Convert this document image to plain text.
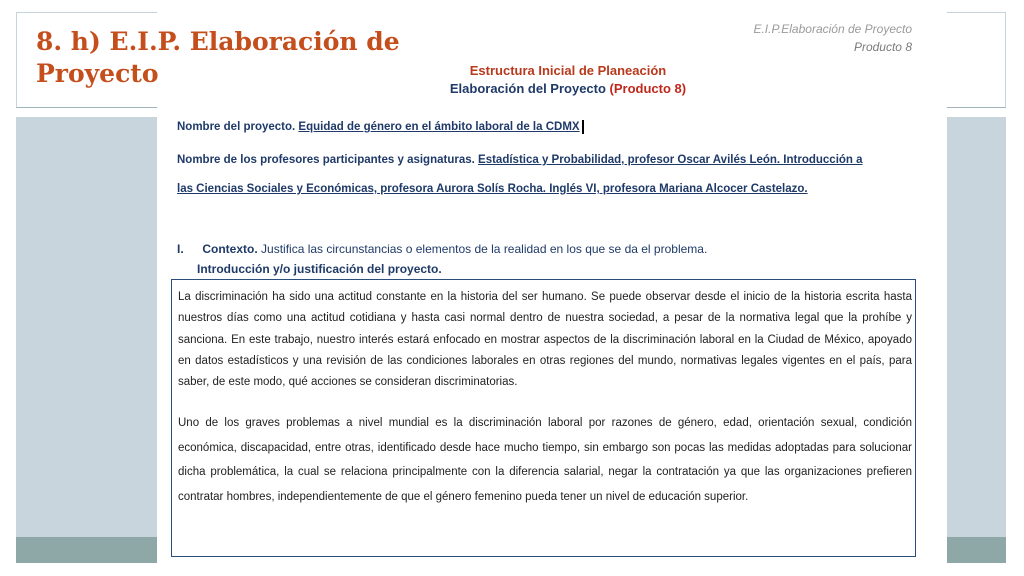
8. h) E.I.P. Elaboración de Proyecto
E.I.P.Elaboración de Proyecto
Producto 8
Estructura Inicial de Planeación
Elaboración del Proyecto (Producto 8)
Nombre del proyecto. Equidad de género en el ámbito laboral de la CDMX
Nombre de los profesores participantes y asignaturas. Estadística y Probabilidad, profesor Oscar Avilés León. Introducción a
las Ciencias Sociales y Económicas, profesora Aurora Solís Rocha. Inglés VI, profesora Mariana Alcocer Castelazo.
I. Contexto. Justifica las circunstancias o elementos de la realidad en los que se da el problema.
Introducción y/o justificación del proyecto.

La discriminación ha sido una actitud constante en la historia del ser humano. Se puede observar desde el inicio de la historia escrita hasta nuestros días como una actitud cotidiana y hasta casi normal dentro de nuestra sociedad, a pesar de la normativa legal que la prohíbe y sanciona. En este trabajo, nuestro interés estará enfocado en mostrar aspectos de la discriminación laboral en la Ciudad de México, apoyado en datos estadísticos y una revisión de las condiciones laborales en otras regiones del mundo, normativas legales vigentes en el país, para saber, de este modo, qué acciones se consideran discriminatorias.

Uno de los graves problemas a nivel mundial es la discriminación laboral por razones de género, edad, orientación sexual, condición económica, discapacidad, entre otras, identificado desde hace mucho tiempo, sin embargo son pocas las medidas adoptadas para solucionar dicha problemática, la cual se relaciona principalmente con la diferencia salarial, negar la contratación ya que las organizaciones prefieren contratar hombres, independientemente de que el género femenino pueda tener un nivel de educación superior.
